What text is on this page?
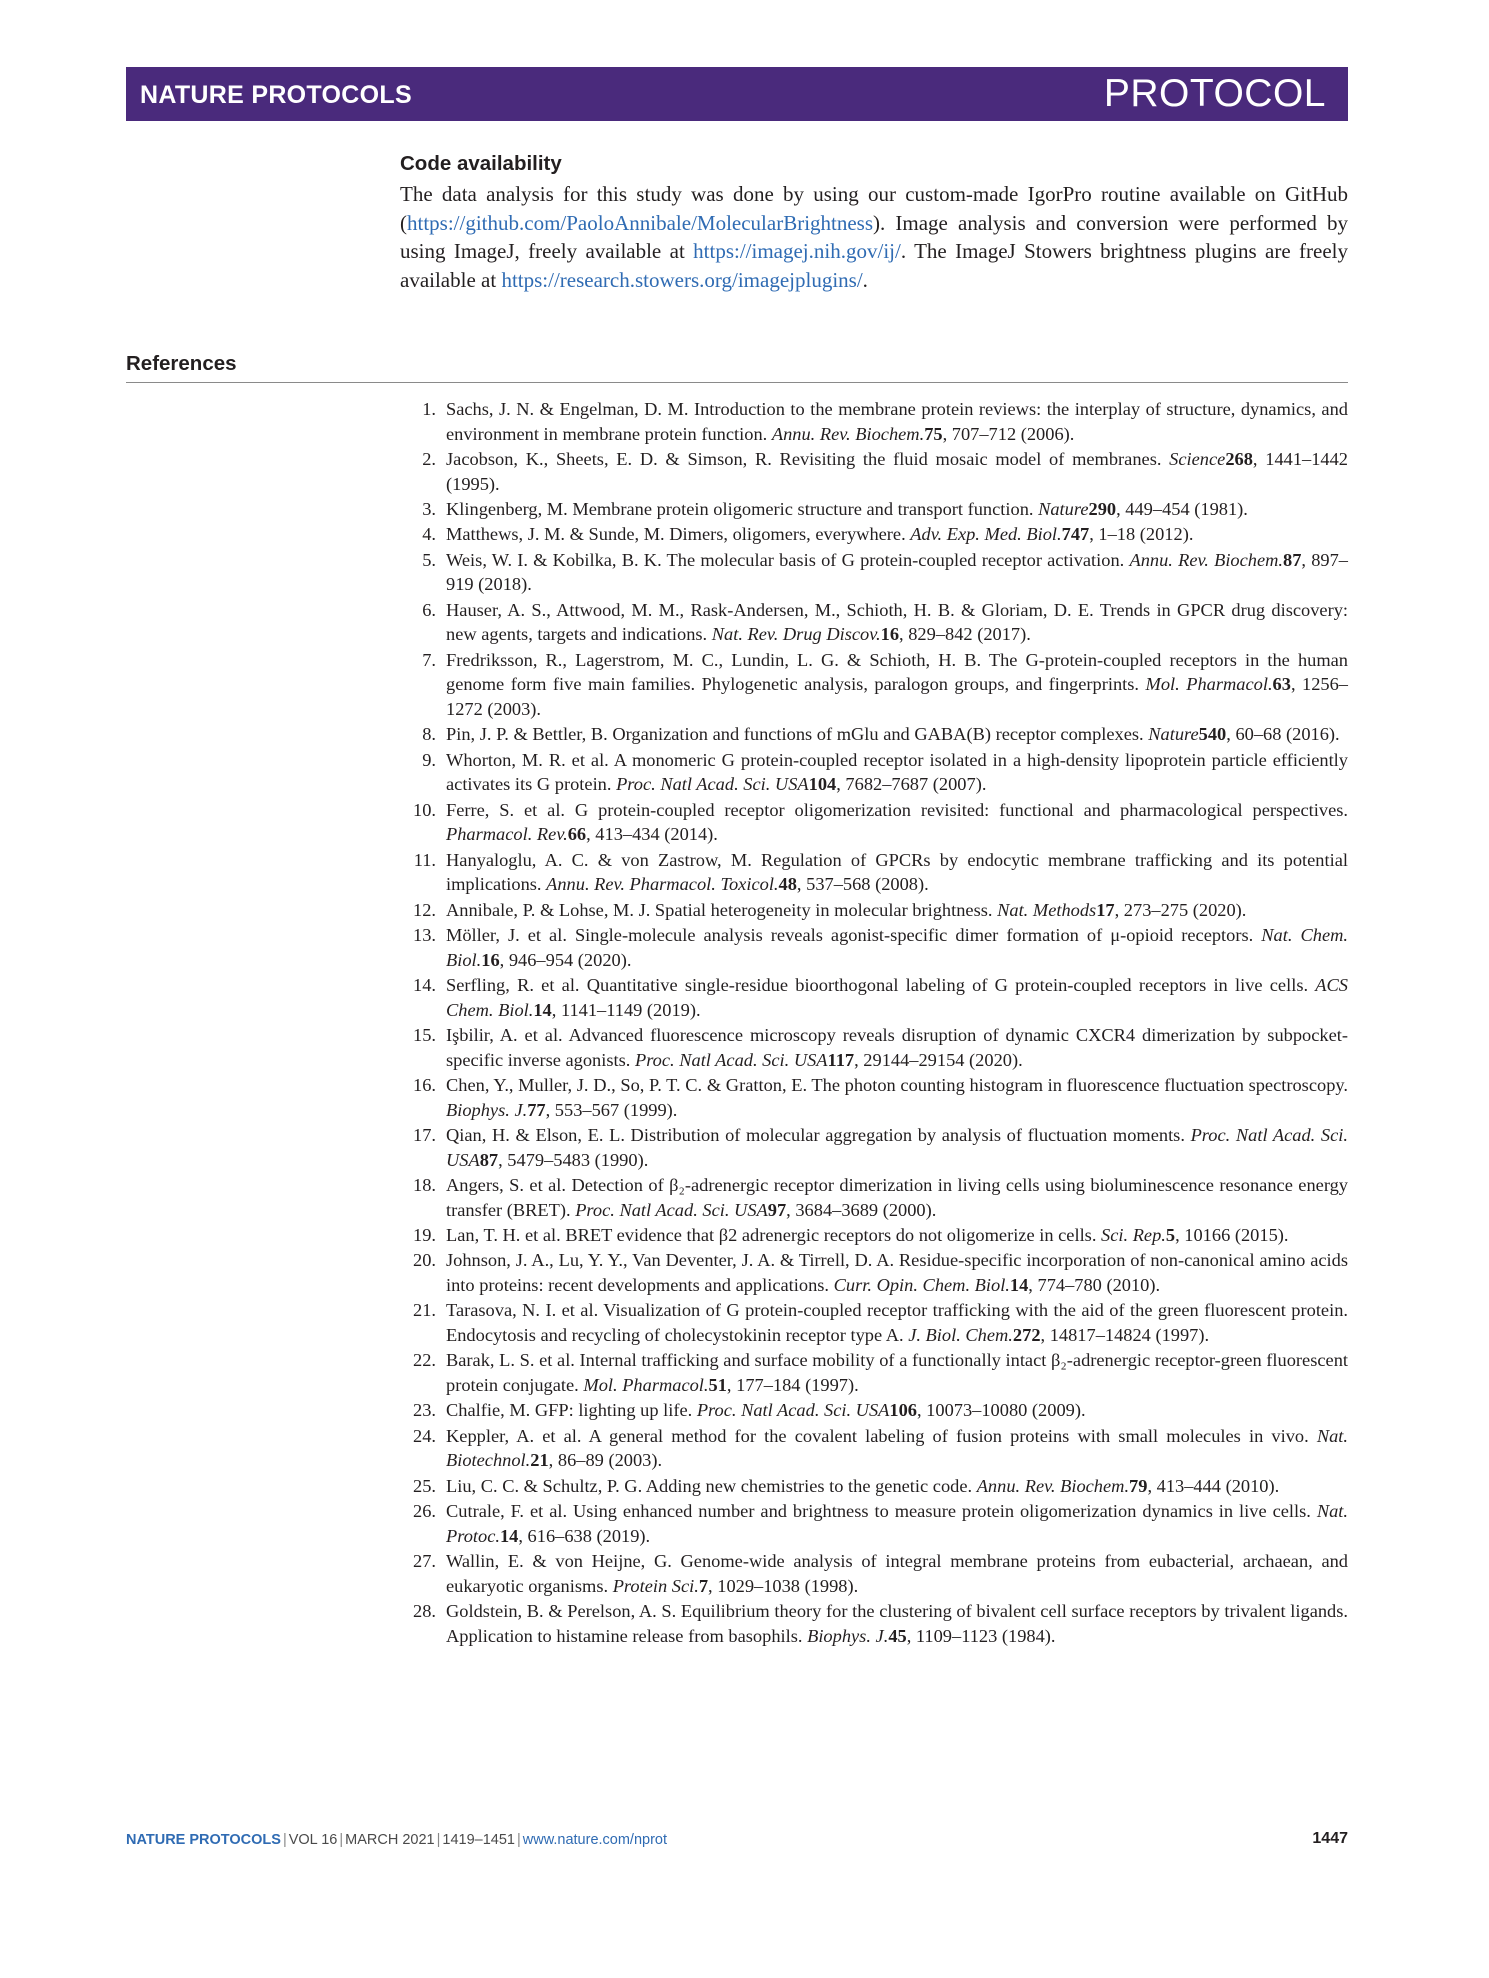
NATURE PROTOCOLS	PROTOCOL
Code availability

The data analysis for this study was done by using our custom-made IgorPro routine available on GitHub (https://github.com/PaoloAnnibale/MolecularBrightness). Image analysis and conversion were performed by using ImageJ, freely available at https://imagej.nih.gov/ij/. The ImageJ Stowers brightness plugins are freely available at https://research.stowers.org/imagejplugins/.

References
1. Sachs, J. N. & Engelman, D. M. Introduction to the membrane protein reviews: the interplay of structure, dynamics, and environment in membrane protein function. Annu. Rev. Biochem.75, 707–712 (2006).
2. Jacobson, K., Sheets, E. D. & Simson, R. Revisiting the fluid mosaic model of membranes. Science268, 1441–1442 (1995).
3. Klingenberg, M. Membrane protein oligomeric structure and transport function. Nature290, 449–454 (1981).
4. Matthews, J. M. & Sunde, M. Dimers, oligomers, everywhere. Adv. Exp. Med. Biol.747, 1–18 (2012).
5. Weis, W. I. & Kobilka, B. K. The molecular basis of G protein-coupled receptor activation. Annu. Rev. Biochem.87, 897–919 (2018).
6. Hauser, A. S., Attwood, M. M., Rask-Andersen, M., Schioth, H. B. & Gloriam, D. E. Trends in GPCR drug discovery: new agents, targets and indications. Nat. Rev. Drug Discov.16, 829–842 (2017).
7. Fredriksson, R., Lagerstrom, M. C., Lundin, L. G. & Schioth, H. B. The G-protein-coupled receptors in the human genome form five main families. Phylogenetic analysis, paralogon groups, and fingerprints. Mol. Pharmacol.63, 1256–1272 (2003).
8. Pin, J. P. & Bettler, B. Organization and functions of mGlu and GABA(B) receptor complexes. Nature540, 60–68 (2016).
9. Whorton, M. R. et al. A monomeric G protein-coupled receptor isolated in a high-density lipoprotein particle efficiently activates its G protein. Proc. Natl Acad. Sci. USA104, 7682–7687 (2007).
10. Ferre, S. et al. G protein-coupled receptor oligomerization revisited: functional and pharmacological perspectives. Pharmacol. Rev.66, 413–434 (2014).
11. Hanyaloglu, A. C. & von Zastrow, M. Regulation of GPCRs by endocytic membrane trafficking and its potential implications. Annu. Rev. Pharmacol. Toxicol.48, 537–568 (2008).
12. Annibale, P. & Lohse, M. J. Spatial heterogeneity in molecular brightness. Nat. Methods17, 273–275 (2020).
13. Möller, J. et al. Single-molecule analysis reveals agonist-specific dimer formation of μ-opioid receptors. Nat. Chem. Biol.16, 946–954 (2020).
14. Serfling, R. et al. Quantitative single-residue bioorthogonal labeling of G protein-coupled receptors in live cells. ACS Chem. Biol.14, 1141–1149 (2019).
15. Işbilir, A. et al. Advanced fluorescence microscopy reveals disruption of dynamic CXCR4 dimerization by subpocket-specific inverse agonists. Proc. Natl Acad. Sci. USA117, 29144–29154 (2020).
16. Chen, Y., Muller, J. D., So, P. T. C. & Gratton, E. The photon counting histogram in fluorescence fluctuation spectroscopy. Biophys. J.77, 553–567 (1999).
17. Qian, H. & Elson, E. L. Distribution of molecular aggregation by analysis of fluctuation moments. Proc. Natl Acad. Sci. USA87, 5479–5483 (1990).
18. Angers, S. et al. Detection of β₂-adrenergic receptor dimerization in living cells using bioluminescence resonance energy transfer (BRET). Proc. Natl Acad. Sci. USA97, 3684–3689 (2000).
19. Lan, T. H. et al. BRET evidence that β2 adrenergic receptors do not oligomerize in cells. Sci. Rep.5, 10166 (2015).
20. Johnson, J. A., Lu, Y. Y., Van Deventer, J. A. & Tirrell, D. A. Residue-specific incorporation of non-canonical amino acids into proteins: recent developments and applications. Curr. Opin. Chem. Biol.14, 774–780 (2010).
21. Tarasova, N. I. et al. Visualization of G protein-coupled receptor trafficking with the aid of the green fluorescent protein. Endocytosis and recycling of cholecystokinin receptor type A. J. Biol. Chem.272, 14817–14824 (1997).
22. Barak, L. S. et al. Internal trafficking and surface mobility of a functionally intact β₂-adrenergic receptor-green fluorescent protein conjugate. Mol. Pharmacol.51, 177–184 (1997).
23. Chalfie, M. GFP: lighting up life. Proc. Natl Acad. Sci. USA106, 10073–10080 (2009).
24. Keppler, A. et al. A general method for the covalent labeling of fusion proteins with small molecules in vivo. Nat. Biotechnol.21, 86–89 (2003).
25. Liu, C. C. & Schultz, P. G. Adding new chemistries to the genetic code. Annu. Rev. Biochem.79, 413–444 (2010).
26. Cutrale, F. et al. Using enhanced number and brightness to measure protein oligomerization dynamics in live cells. Nat. Protoc.14, 616–638 (2019).
27. Wallin, E. & von Heijne, G. Genome-wide analysis of integral membrane proteins from eubacterial, archaean, and eukaryotic organisms. Protein Sci.7, 1029–1038 (1998).
28. Goldstein, B. & Perelson, A. S. Equilibrium theory for the clustering of bivalent cell surface receptors by trivalent ligands. Application to histamine release from basophils. Biophys. J.45, 1109–1123 (1984).
NATURE PROTOCOLS | VOL 16 | MARCH 2021 | 1419–1451 | www.nature.com/nprot	1447
